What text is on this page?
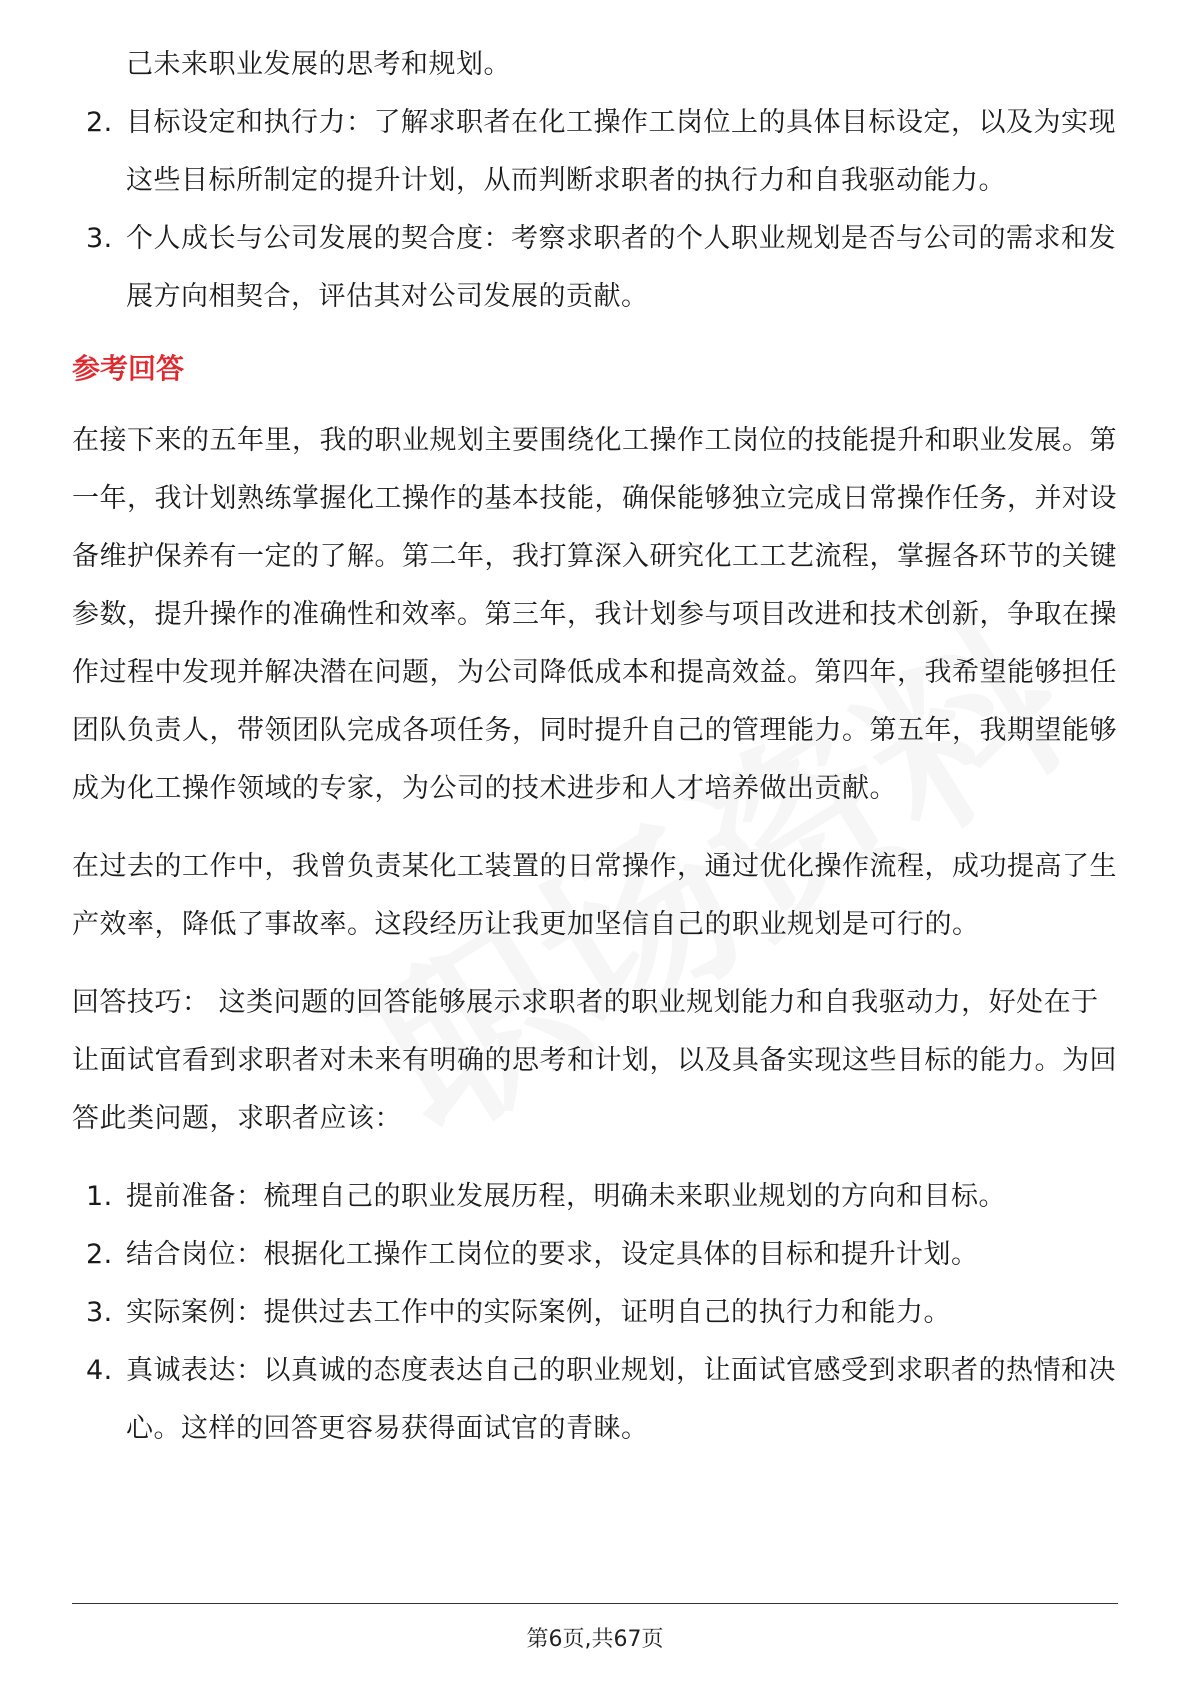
己未来职业发展的思考和规划。

2. 目标设定和执行力：了解求职者在化工操作工岗位上的具体目标设定，以及为实现这些目标所制定的提升计划，从而判断求职者的执行力和自我驱动能力。
3. 个人成长与公司发展的契合度：考察求职者的个人职业规划是否与公司的需求和发展方向相契合，评估其对公司发展的贡献。
参考回答

在接下来的五年里，我的职业规划主要围绕化工操作工岗位的技能提升和职业发展。第一年，我计划熟练掌握化工操作的基本技能，确保能够独立完成日常操作任务，并对设备维护保养有一定的了解。第二年，我打算深入研究化工工艺流程，掌握各环节的关键参数，提升操作的准确性和效率。第三年，我计划参与项目改进和技术创新，争取在操作过程中发现并解决潜在问题，为公司降低成本和提高效益。第四年，我希望能够担任团队负责人，带领团队完成各项任务，同时提升自己的管理能力。第五年，我期望能够成为化工操作领域的专家，为公司的技术进步和人才培养做出贡献。

在过去的工作中，我曾负责某化工装置的日常操作，通过优化操作流程，成功提高了生产效率，降低了事故率。这段经历让我更加坚信自己的职业规划是可行的。

回答技巧： 这类问题的回答能够展示求职者的职业规划能力和自我驱动力，好处在于让面试官看到求职者对未来有明确的思考和计划，以及具备实现这些目标的能力。为回答此类问题，求职者应该：

1. 提前准备：梳理自己的职业发展历程，明确未来职业规划的方向和目标。
2. 结合岗位：根据化工操作工岗位的要求，设定具体的目标和提升计划。
3. 实际案例：提供过去工作中的实际案例，证明自己的执行力和能力。
4. 真诚表达：以真诚的态度表达自己的职业规划，让面试官感受到求职者的热情和决心。这样的回答更容易获得面试官的青睐。
第6页,共67页
